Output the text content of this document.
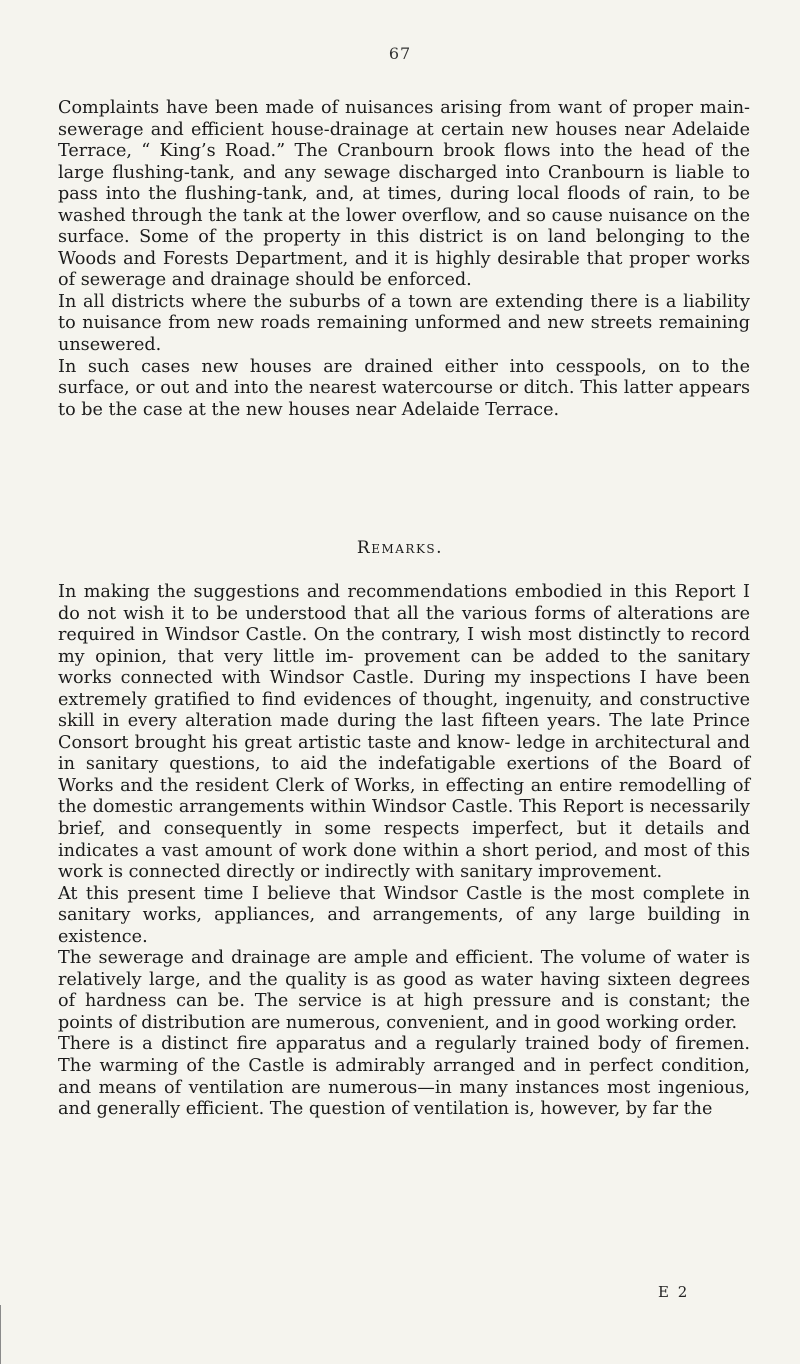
67

Complaints have been made of nuisances arising from want of proper main-sewerage and efficient house-drainage at certain new houses near Adelaide Terrace, “ King’s Road.” The Cranbourn brook flows into the head of the large flushing-tank, and any sewage discharged into Cranbourn is liable to pass into the flushing-tank, and, at times, during local floods of rain, to be washed through the tank at the lower overflow, and so cause nuisance on the surface. Some of the property in this district is on land belonging to the Woods and Forests Department, and it is highly desirable that proper works of sewerage and drainage should be enforced.

In all districts where the suburbs of a town are extending there is a liability to nuisance from new roads remaining unformed and new streets remaining unsewered.

In such cases new houses are drained either into cesspools, on to the surface, or out and into the nearest watercourse or ditch. This latter appears to be the case at the new houses near Adelaide Terrace.

Remarks.

In making the suggestions and recommendations embodied in this Report I do not wish it to be understood that all the various forms of alterations are required in Windsor Castle. On the contrary, I wish most distinctly to record my opinion, that very little im- provement can be added to the sanitary works connected with Windsor Castle. During my inspections I have been extremely gratified to find evidences of thought, ingenuity, and constructive skill in every alteration made during the last fifteen years. The late Prince Consort brought his great artistic taste and know- ledge in architectural and in sanitary questions, to aid the indefatigable exertions of the Board of Works and the resident Clerk of Works, in effecting an entire remodelling of the domestic arrangements within Windsor Castle. This Report is necessarily brief, and consequently in some respects imperfect, but it details and indicates a vast amount of work done within a short period, and most of this work is connected directly or indirectly with sanitary improvement.

At this present time I believe that Windsor Castle is the most complete in sanitary works, appliances, and arrangements, of any large building in existence.

The sewerage and drainage are ample and efficient. The volume of water is relatively large, and the quality is as good as water having sixteen degrees of hardness can be. The service is at high pressure and is constant; the points of distribution are numerous, convenient, and in good working order.

There is a distinct fire apparatus and a regularly trained body of firemen. The warming of the Castle is admirably arranged and in perfect condition, and means of ventilation are numerous—in many instances most ingenious, and generally efficient. The question of ventilation is, however, by far the

E 2
